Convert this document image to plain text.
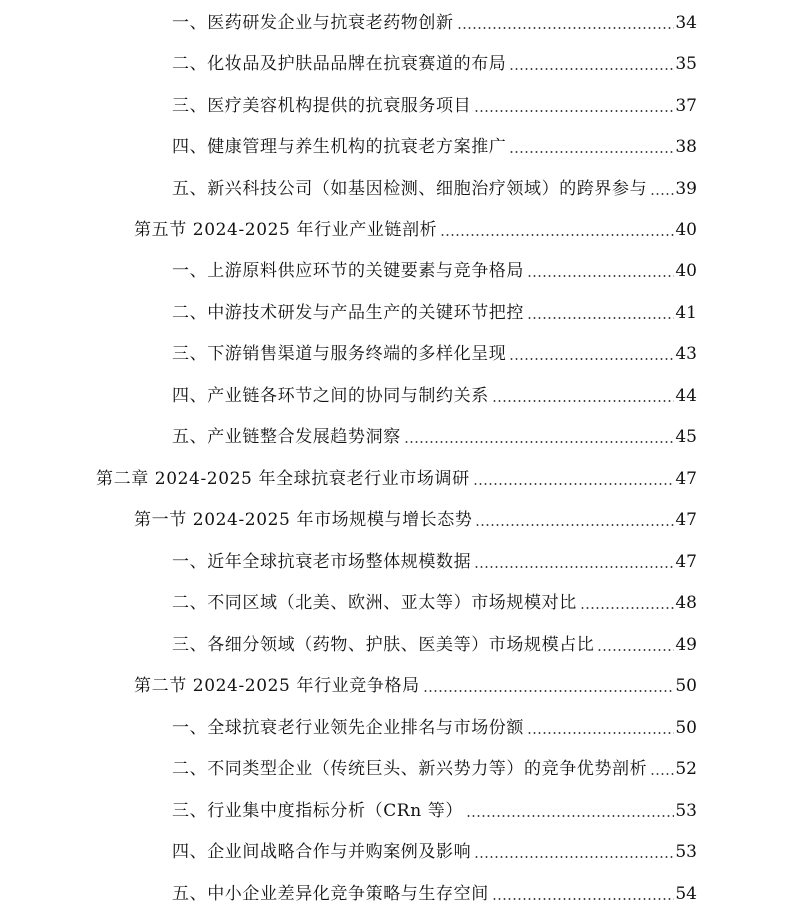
一、医药研发企业与抗衰老药物创新	34
二、化妆品及护肤品品牌在抗衰赛道的布局	35
三、医疗美容机构提供的抗衰服务项目	37
四、健康管理与养生机构的抗衰老方案推广	38
五、新兴科技公司（如基因检测、细胞治疗领域）的跨界参与 39
第五节 2024-2025 年行业产业链剖析	40
一、上游原料供应环节的关键要素与竞争格局	40
二、中游技术研发与产品生产的关键环节把控	41
三、下游销售渠道与服务终端的多样化呈现	43
四、产业链各环节之间的协同与制约关系	44
五、产业链整合发展趋势洞察	45
第二章 2024-2025 年全球抗衰老行业市场调研	47
第一节 2024-2025 年市场规模与增长态势	47
一、近年全球抗衰老市场整体规模数据	47
二、不同区域（北美、欧洲、亚太等）市场规模对比	48
三、各细分领域（药物、护肤、医美等）市场规模占比	49
第二节 2024-2025 年行业竞争格局	50
一、全球抗衰老行业领先企业排名与市场份额	50
二、不同类型企业（传统巨头、新兴势力等）的竞争优势剖析 52
三、行业集中度指标分析（CRn 等）	53
四、企业间战略合作与并购案例及影响	53
五、中小企业差异化竞争策略与生存空间	54
